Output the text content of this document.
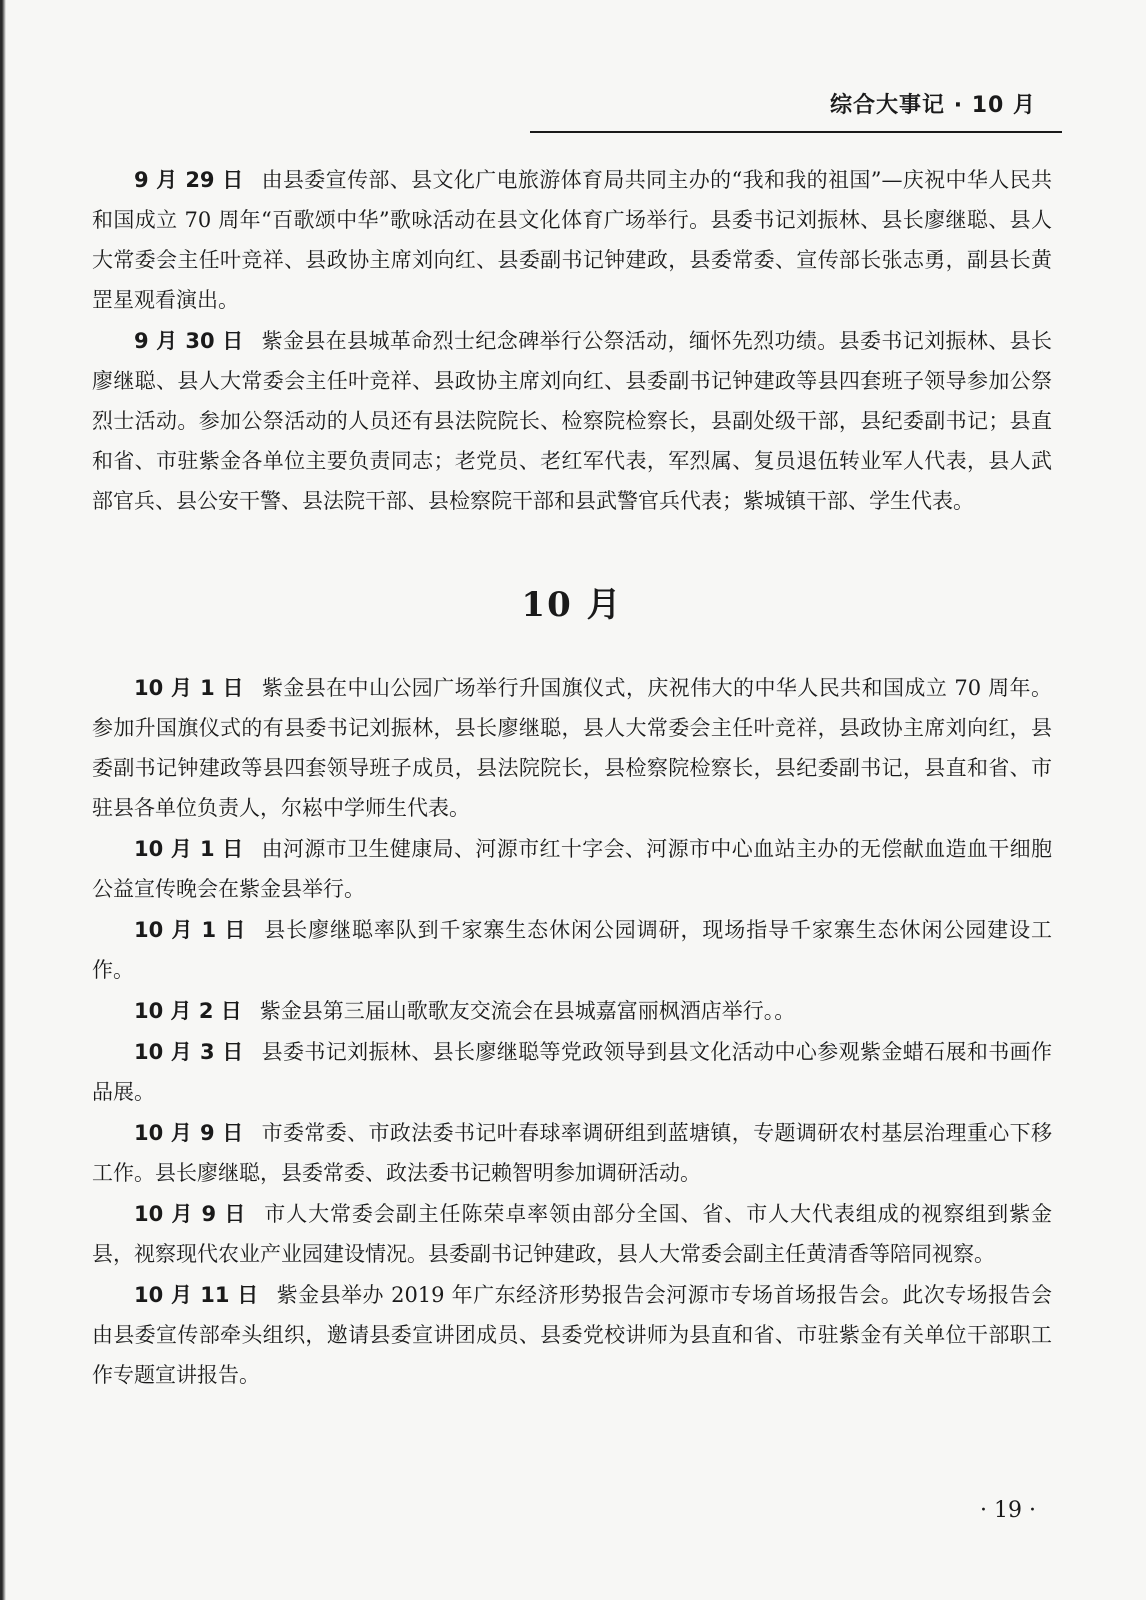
综合大事记 · 10 月

9 月 29 日 由县委宣传部、县文化广电旅游体育局共同主办的“我和我的祖国”—庆祝中华人民共和国成立 70 周年“百歌颂中华”歌咏活动在县文化体育广场举行。县委书记刘振林、县长廖继聪、县人大常委会主任叶竞祥、县政协主席刘向红、县委副书记钟建政，县委常委、宣传部长张志勇，副县长黄罡星观看演出。

9 月 30 日 紫金县在县城革命烈士纪念碑举行公祭活动，缅怀先烈功绩。县委书记刘振林、县长廖继聪、县人大常委会主任叶竞祥、县政协主席刘向红、县委副书记钟建政等县四套班子领导参加公祭烈士活动。参加公祭活动的人员还有县法院院长、检察院检察长，县副处级干部，县纪委副书记；县直和省、市驻紫金各单位主要负责同志；老党员、老红军代表，军烈属、复员退伍转业军人代表，县人武部官兵、县公安干警、县法院干部、县检察院干部和县武警官兵代表；紫城镇干部、学生代表。

10 月

10 月 1 日 紫金县在中山公园广场举行升国旗仪式，庆祝伟大的中华人民共和国成立 70 周年。参加升国旗仪式的有县委书记刘振林，县长廖继聪，县人大常委会主任叶竞祥，县政协主席刘向红，县委副书记钟建政等县四套领导班子成员，县法院院长，县检察院检察长，县纪委副书记，县直和省、市驻县各单位负责人，尔崧中学师生代表。

10 月 1 日 由河源市卫生健康局、河源市红十字会、河源市中心血站主办的无偿献血造血干细胞公益宣传晚会在紫金县举行。

10 月 1 日 县长廖继聪率队到千家寨生态休闲公园调研，现场指导千家寨生态休闲公园建设工作。

10 月 2 日 紫金县第三届山歌歌友交流会在县城嘉富丽枫酒店举行。。

10 月 3 日 县委书记刘振林、县长廖继聪等党政领导到县文化活动中心参观紫金蜡石展和书画作品展。

10 月 9 日 市委常委、市政法委书记叶春球率调研组到蓝塘镇，专题调研农村基层治理重心下移工作。县长廖继聪，县委常委、政法委书记赖智明参加调研活动。

10 月 9 日 市人大常委会副主任陈荣卓率领由部分全国、省、市人大代表组成的视察组到紫金县，视察现代农业产业园建设情况。县委副书记钟建政，县人大常委会副主任黄清香等陪同视察。

10 月 11 日 紫金县举办 2019 年广东经济形势报告会河源市专场首场报告会。此次专场报告会由县委宣传部牵头组织，邀请县委宣讲团成员、县委党校讲师为县直和省、市驻紫金有关单位干部职工作专题宣讲报告。

· 19 ·
